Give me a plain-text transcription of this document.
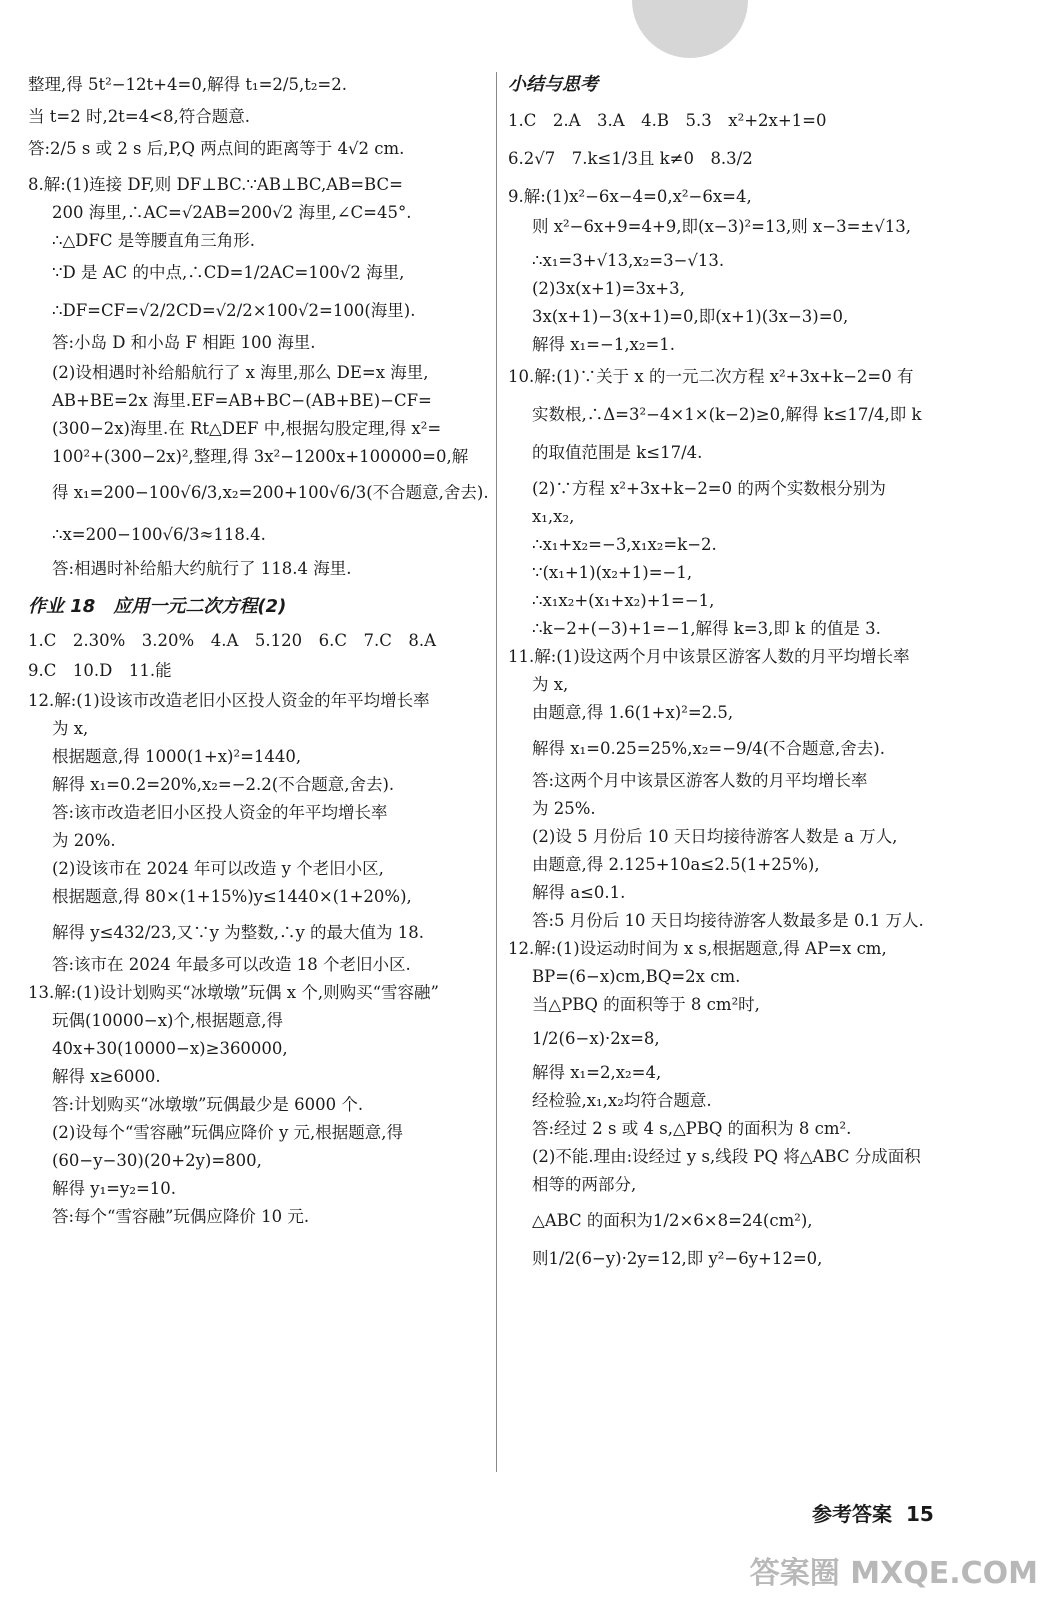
整理,得 5t²−12t+4=0,解得 t₁=2/5,t₂=2.
当 t=2 时,2t=4<8,符合题意.
答:2/5 s 或 2 s 后,P,Q 两点间的距离等于 4√2 cm.
8.解:(1)连接 DF,则 DF⊥BC.∵AB⊥BC,AB=BC=
200 海里,∴AC=√2AB=200√2 海里,∠C=45°.
∴△DFC 是等腰直角三角形.
∵D 是 AC 的中点,∴CD=1/2AC=100√2 海里,
∴DF=CF=√2/2CD=√2/2×100√2=100(海里).
答:小岛 D 和小岛 F 相距 100 海里.
(2)设相遇时补给船航行了 x 海里,那么 DE=x 海里,
AB+BE=2x 海里.EF=AB+BC−(AB+BE)−CF=
(300−2x)海里.在 Rt△DEF 中,根据勾股定理,得 x²=
100²+(300−2x)²,整理,得 3x²−1200x+100000=0,解
得 x₁=200−100√6/3,x₂=200+100√6/3(不合题意,舍去).
∴x=200−100√6/3≈118.4.
答:相遇时补给船大约航行了 118.4 海里.
作业 18　应用一元二次方程(2)
1.C　2.30%　3.20%　4.A　5.120　6.C　7.C　8.A
9.C　10.D　11.能
12.解:(1)设该市改造老旧小区投人资金的年平均增长率
为 x,
根据题意,得 1000(1+x)²=1440,
解得 x₁=0.2=20%,x₂=−2.2(不合题意,舍去).
答:该市改造老旧小区投人资金的年平均增长率
为 20%.
(2)设该市在 2024 年可以改造 y 个老旧小区,
根据题意,得 80×(1+15%)y≤1440×(1+20%),
解得 y≤432/23,又∵y 为整数,∴y 的最大值为 18.
答:该市在 2024 年最多可以改造 18 个老旧小区.
13.解:(1)设计划购买“冰墩墩”玩偶 x 个,则购买“雪容融”
玩偶(10000−x)个,根据题意,得
40x+30(10000−x)≥360000,
解得 x≥6000.
答:计划购买“冰墩墩”玩偶最少是 6000 个.
(2)设每个“雪容融”玩偶应降价 y 元,根据题意,得
(60−y−30)(20+2y)=800,
解得 y₁=y₂=10.
答:每个“雪容融”玩偶应降价 10 元.
小结与思考
1.C　2.A　3.A　4.B　5.3　x²+2x+1=0
6.2√7　7.k≤1/3且 k≠0　8.3/2
9.解:(1)x²−6x−4=0,x²−6x=4,
则 x²−6x+9=4+9,即(x−3)²=13,则 x−3=±√13,
∴x₁=3+√13,x₂=3−√13.
(2)3x(x+1)=3x+3,
3x(x+1)−3(x+1)=0,即(x+1)(3x−3)=0,
解得 x₁=−1,x₂=1.
10.解:(1)∵关于 x 的一元二次方程 x²+3x+k−2=0 有
实数根,∴Δ=3²−4×1×(k−2)≥0,解得 k≤17/4,即 k
的取值范围是 k≤17/4.
(2)∵方程 x²+3x+k−2=0 的两个实数根分别为
x₁,x₂,
∴x₁+x₂=−3,x₁x₂=k−2.
∵(x₁+1)(x₂+1)=−1,
∴x₁x₂+(x₁+x₂)+1=−1,
∴k−2+(−3)+1=−1,解得 k=3,即 k 的值是 3.
11.解:(1)设这两个月中该景区游客人数的月平均增长率
为 x,
由题意,得 1.6(1+x)²=2.5,
解得 x₁=0.25=25%,x₂=−9/4(不合题意,舍去).
答:这两个月中该景区游客人数的月平均增长率
为 25%.
(2)设 5 月份后 10 天日均接待游客人数是 a 万人,
由题意,得 2.125+10a≤2.5(1+25%),
解得 a≤0.1.
答:5 月份后 10 天日均接待游客人数最多是 0.1 万人.
12.解:(1)设运动时间为 x s,根据题意,得 AP=x cm,
BP=(6−x)cm,BQ=2x cm.
当△PBQ 的面积等于 8 cm²时,
1/2(6−x)·2x=8,
解得 x₁=2,x₂=4,
经检验,x₁,x₂均符合题意.
答:经过 2 s 或 4 s,△PBQ 的面积为 8 cm².
(2)不能.理由:设经过 y s,线段 PQ 将△ABC 分成面积
相等的两部分,
△ABC 的面积为1/2×6×8=24(cm²),
则1/2(6−y)·2y=12,即 y²−6y+12=0,
参考答案 15
答案圈 MXQE.COM
